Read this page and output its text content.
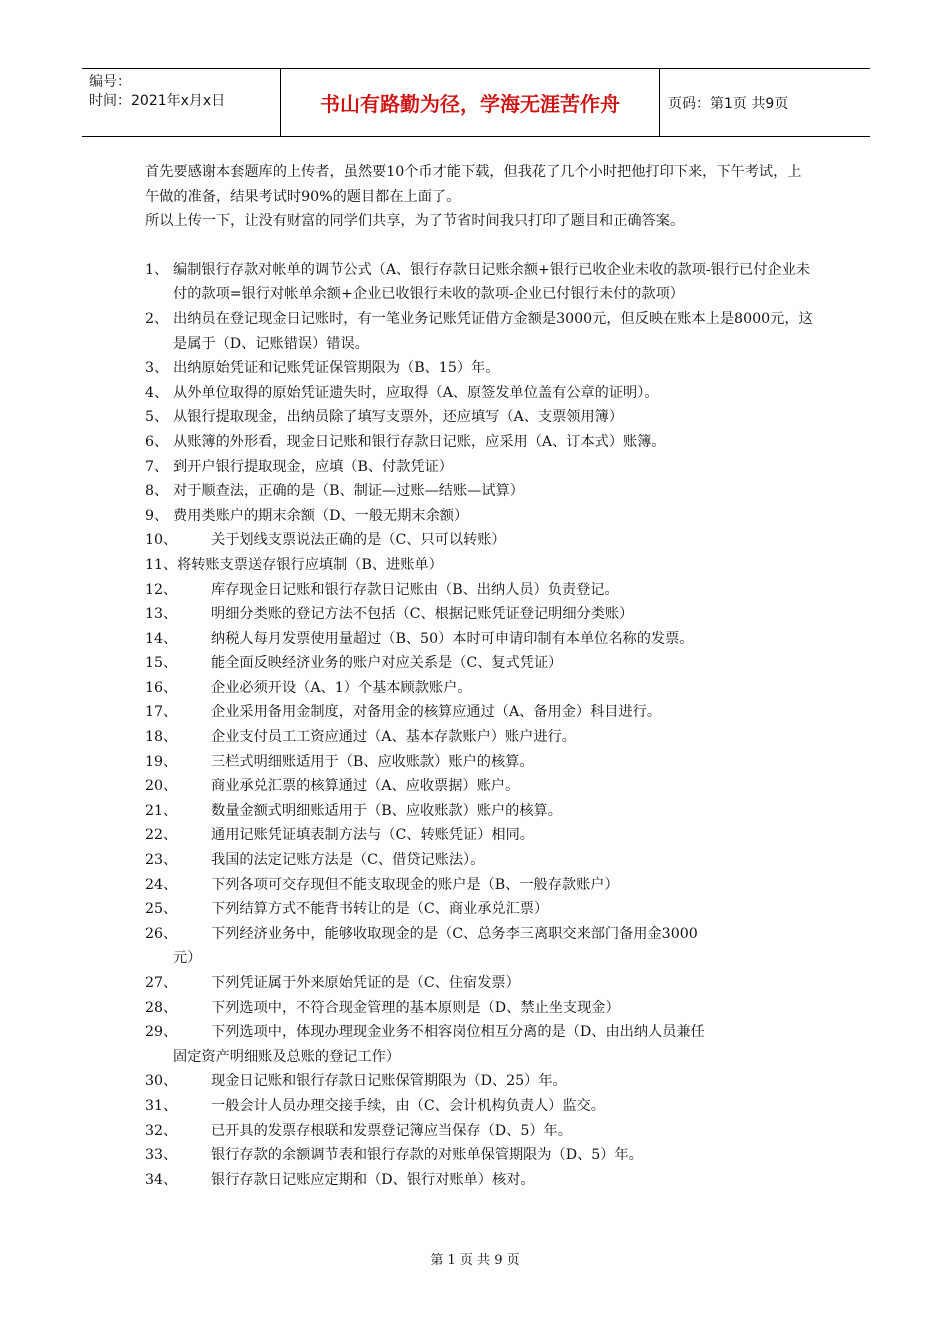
编号：
时间：2021年x月x日	书山有路勤为径，学海无涯苦作舟	页码：第1页 共9页

首先要感谢本套题库的上传者，虽然要10个币才能下载，但我花了几个小时把他打印下来，下午考试，上午做的准备，结果考试时90%的题目都在上面了。

所以上传一下，让没有财富的同学们共享，为了节省时间我只打印了题目和正确答案。

1、 编制银行存款对帐单的调节公式（A、银行存款日记账余额+银行已收企业未收的款项-银行已付企业未付的款项=银行对帐单余额+企业已收银行未收的款项-企业已付银行未付的款项）
2、 出纳员在登记现金日记账时，有一笔业务记账凭证借方金额是3000元，但反映在账本上是8000元，这是属于（D、记账错误）错误。
3、 出纳原始凭证和记账凭证保管期限为（B、15）年。
4、 从外单位取得的原始凭证遗失时，应取得（A、原签发单位盖有公章的证明）。
5、 从银行提取现金，出纳员除了填写支票外，还应填写（A、支票领用簿）
6、 从账簿的外形看，现金日记账和银行存款日记账，应采用（A、订本式）账簿。
7、 到开户银行提取现金，应填（B、付款凭证）
8、 对于顺查法，正确的是（B、制证—过账—结账—试算）
9、 费用类账户的期末余额（D、一般无期末余额）
10、 关于划线支票说法正确的是（C、只可以转账）
11、 将转账支票送存银行应填制（B、进账单）
12、 库存现金日记账和银行存款日记账由（B、出纳人员）负责登记。
13、 明细分类账的登记方法不包括（C、根据记账凭证登记明细分类账）
14、 纳税人每月发票使用量超过（B、50）本时可申请印制有本单位名称的发票。
15、 能全面反映经济业务的账户对应关系是（C、复式凭证）
16、 企业必须开设（A、1）个基本顾款账户。
17、 企业采用备用金制度，对备用金的核算应通过（A、备用金）科目进行。
18、 企业支付员工工资应通过（A、基本存款账户）账户进行。
19、 三栏式明细账适用于（B、应收账款）账户的核算。
20、 商业承兑汇票的核算通过（A、应收票据）账户。
21、 数量金额式明细账适用于（B、应收账款）账户的核算。
22、 通用记账凭证填表制方法与（C、转账凭证）相同。
23、 我国的法定记账方法是（C、借贷记账法）。
24、 下列各项可交存现但不能支取现金的账户是（B、一般存款账户）
25、 下列结算方式不能背书转让的是（C、商业承兑汇票）
26、 下列经济业务中，能够收取现金的是（C、总务李三离职交来部门备用金3000
元）
27、 下列凭证属于外来原始凭证的是（C、住宿发票）
28、 下列选项中，不符合现金管理的基本原则是（D、禁止坐支现金）
29、 下列选项中，体现办理现金业务不相容岗位相互分离的是（D、由出纳人员兼任
固定资产明细账及总账的登记工作）
30、 现金日记账和银行存款日记账保管期限为（D、25）年。
31、 一般会计人员办理交接手续，由（C、会计机构负责人）监交。
32、 已开具的发票存根联和发票登记簿应当保存（D、5）年。
33、 银行存款的余额调节表和银行存款的对账单保管期限为（D、5）年。
34、 银行存款日记账应定期和（D、银行对账单）核对。
第 1 页 共 9 页
